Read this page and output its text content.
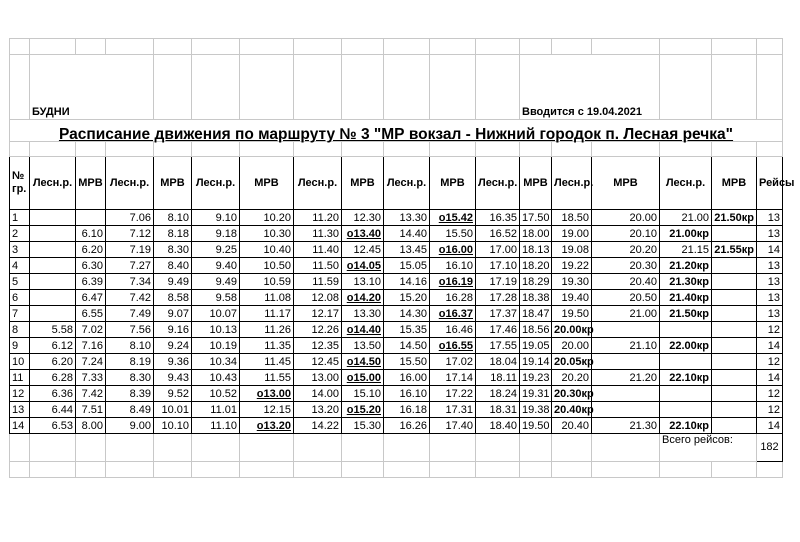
	БУДНИ											Вводится с 19.04.2021					
Расписание движения по маршруту № 3 "МР вокзал - Нижний городок п. Лесная речка"																	

№ гр.	Лесн.р.	МРВ	Лесн.р.	МРВ	Лесн.р.	МРВ	Лесн.р.	МРВ	Лесн.р.	МРВ	Лесн.р.	МРВ	Лесн.р.	МРВ	Лесн.р.	МРВ	Рейсы
1			7.06	8.10	9.10	10.20	11.20	12.30	13.30	о15.42	16.35	17.50	18.50	20.00	21.00	21.50кр	13
2		6.10	7.12	8.18	9.18	10.30	11.30	о13.40	14.40	15.50	16.52	18.00	19.00	20.10	21.00кр		13
3		6.20	7.19	8.30	9.25	10.40	11.40	12.45	13.45	о16.00	17.00	18.13	19.08	20.20	21.15	21.55кр	14
4		6.30	7.27	8.40	9.40	10.50	11.50	о14.05	15.05	16.10	17.10	18.20	19.22	20.30	21.20кр		13
5		6.39	7.34	9.49	9.49	10.59	11.59	13.10	14.16	о16.19	17.19	18.29	19.30	20.40	21.30кр		13
6		6.47	7.42	8.58	9.58	11.08	12.08	о14.20	15.20	16.28	17.28	18.38	19.40	20.50	21.40кр		13
7		6.55	7.49	9.07	10.07	11.17	12.17	13.30	14.30	о16.37	17.37	18.47	19.50	21.00	21.50кр		13
8	5.58	7.02	7.56	9.16	10.13	11.26	12.26	о14.40	15.35	16.46	17.46	18.56	20.00кр				12
9	6.12	7.16	8.10	9.24	10.19	11.35	12.35	13.50	14.50	о16.55	17.55	19.05	20.00	21.10	22.00кр		14
10	6.20	7.24	8.19	9.36	10.34	11.45	12.45	о14.50	15.50	17.02	18.04	19.14	20.05кр				12
11	6.28	7.33	8.30	9.43	10.43	11.55	13.00	о15.00	16.00	17.14	18.11	19.23	20.20	21.20	22.10кр		14
12	6.36	7.42	8.39	9.52	10.52	о13.00	14.00	15.10	16.10	17.22	18.24	19.31	20.30кр				12
13	6.44	7.51	8.49	10.01	11.01	12.15	13.20	о15.20	16.18	17.31	18.31	19.38	20.40кр				12
14	6.53	8.00	9.00	10.10	11.10	о13.20	14.22	15.30	16.26	17.40	18.40	19.50	20.40	21.30	22.10кр		14
															Всего рейсов:		182
